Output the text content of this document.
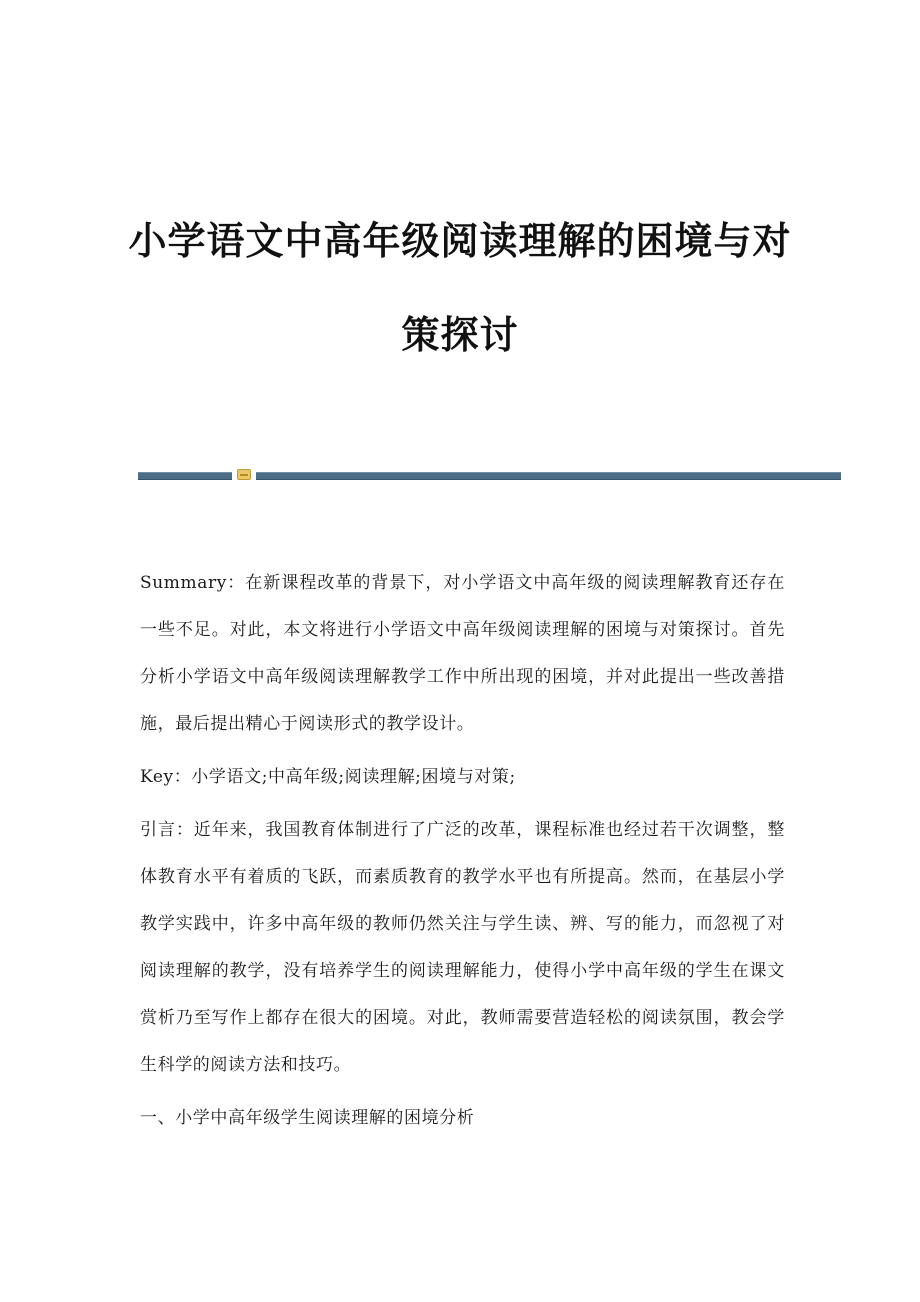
小学语文中高年级阅读理解的困境与对
策探讨

Summary：在新课程改革的背景下，对小学语文中高年级的阅读理解教育还存在一些不足。对此，本文将进行小学语文中高年级阅读理解的困境与对策探讨。首先分析小学语文中高年级阅读理解教学工作中所出现的困境，并对此提出一些改善措施，最后提出精心于阅读形式的教学设计。

Key：小学语文;中高年级;阅读理解;困境与对策;

引言：近年来，我国教育体制进行了广泛的改革，课程标准也经过若干次调整，整体教育水平有着质的飞跃，而素质教育的教学水平也有所提高。然而，在基层小学教学实践中，许多中高年级的教师仍然关注与学生读、辨、写的能力，而忽视了对阅读理解的教学，没有培养学生的阅读理解能力，使得小学中高年级的学生在课文赏析乃至写作上都存在很大的困境。对此，教师需要营造轻松的阅读氛围，教会学生科学的阅读方法和技巧。

一、小学中高年级学生阅读理解的困境分析
